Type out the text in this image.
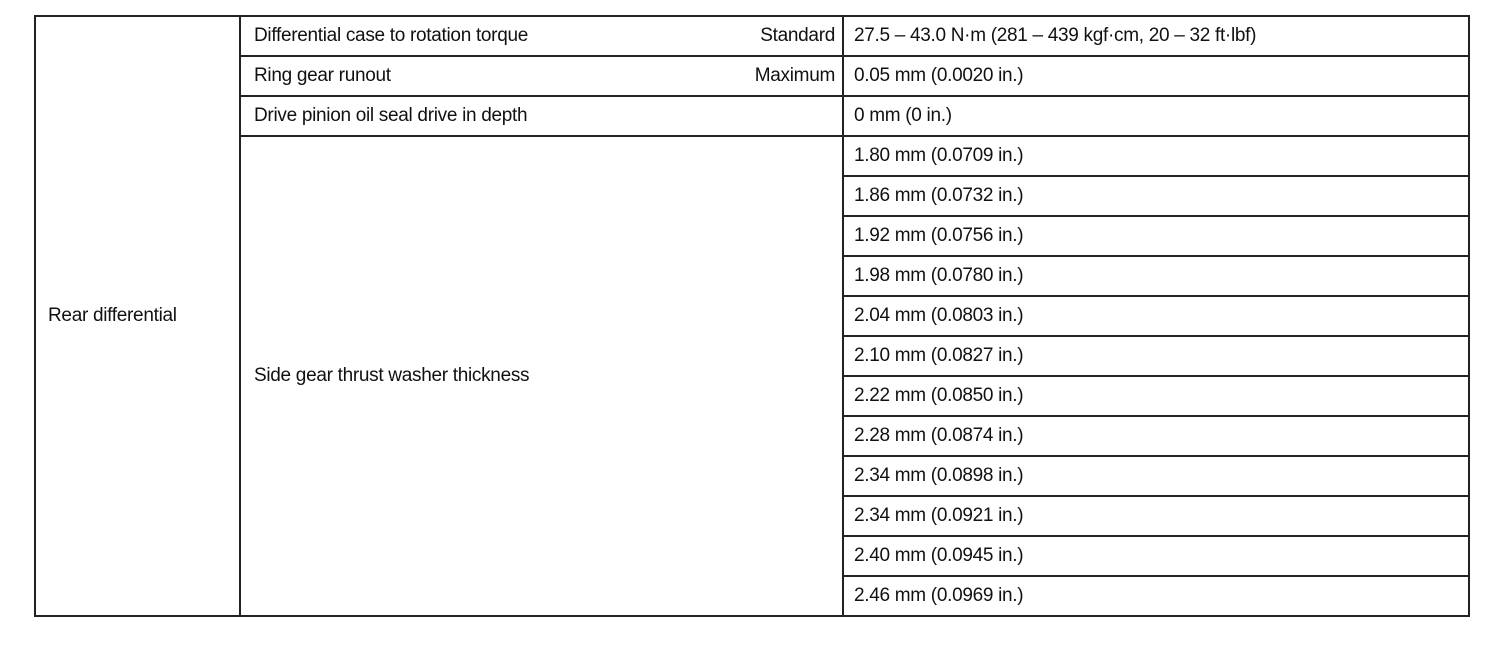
Rear differential	Differential case to rotation torque Standard	27.5 – 43.0 N·m (281 – 439 kgf·cm, 20 – 32 ft·lbf)

	Ring gear runout Maximum	0.05 mm (0.0020 in.)

	Drive pinion oil seal drive in depth	0 mm (0 in.)
	Side gear thrust washer thickness	1.80 mm (0.0709 in.)
		1.86 mm (0.0732 in.)
		1.92 mm (0.0756 in.)
		1.98 mm (0.0780 in.)
		2.04 mm (0.0803 in.)
		2.10 mm (0.0827 in.)
		2.22 mm (0.0850 in.)
		2.28 mm (0.0874 in.)
		2.34 mm (0.0898 in.)
		2.34 mm (0.0921 in.)
		2.40 mm (0.0945 in.)
		2.46 mm (0.0969 in.)
